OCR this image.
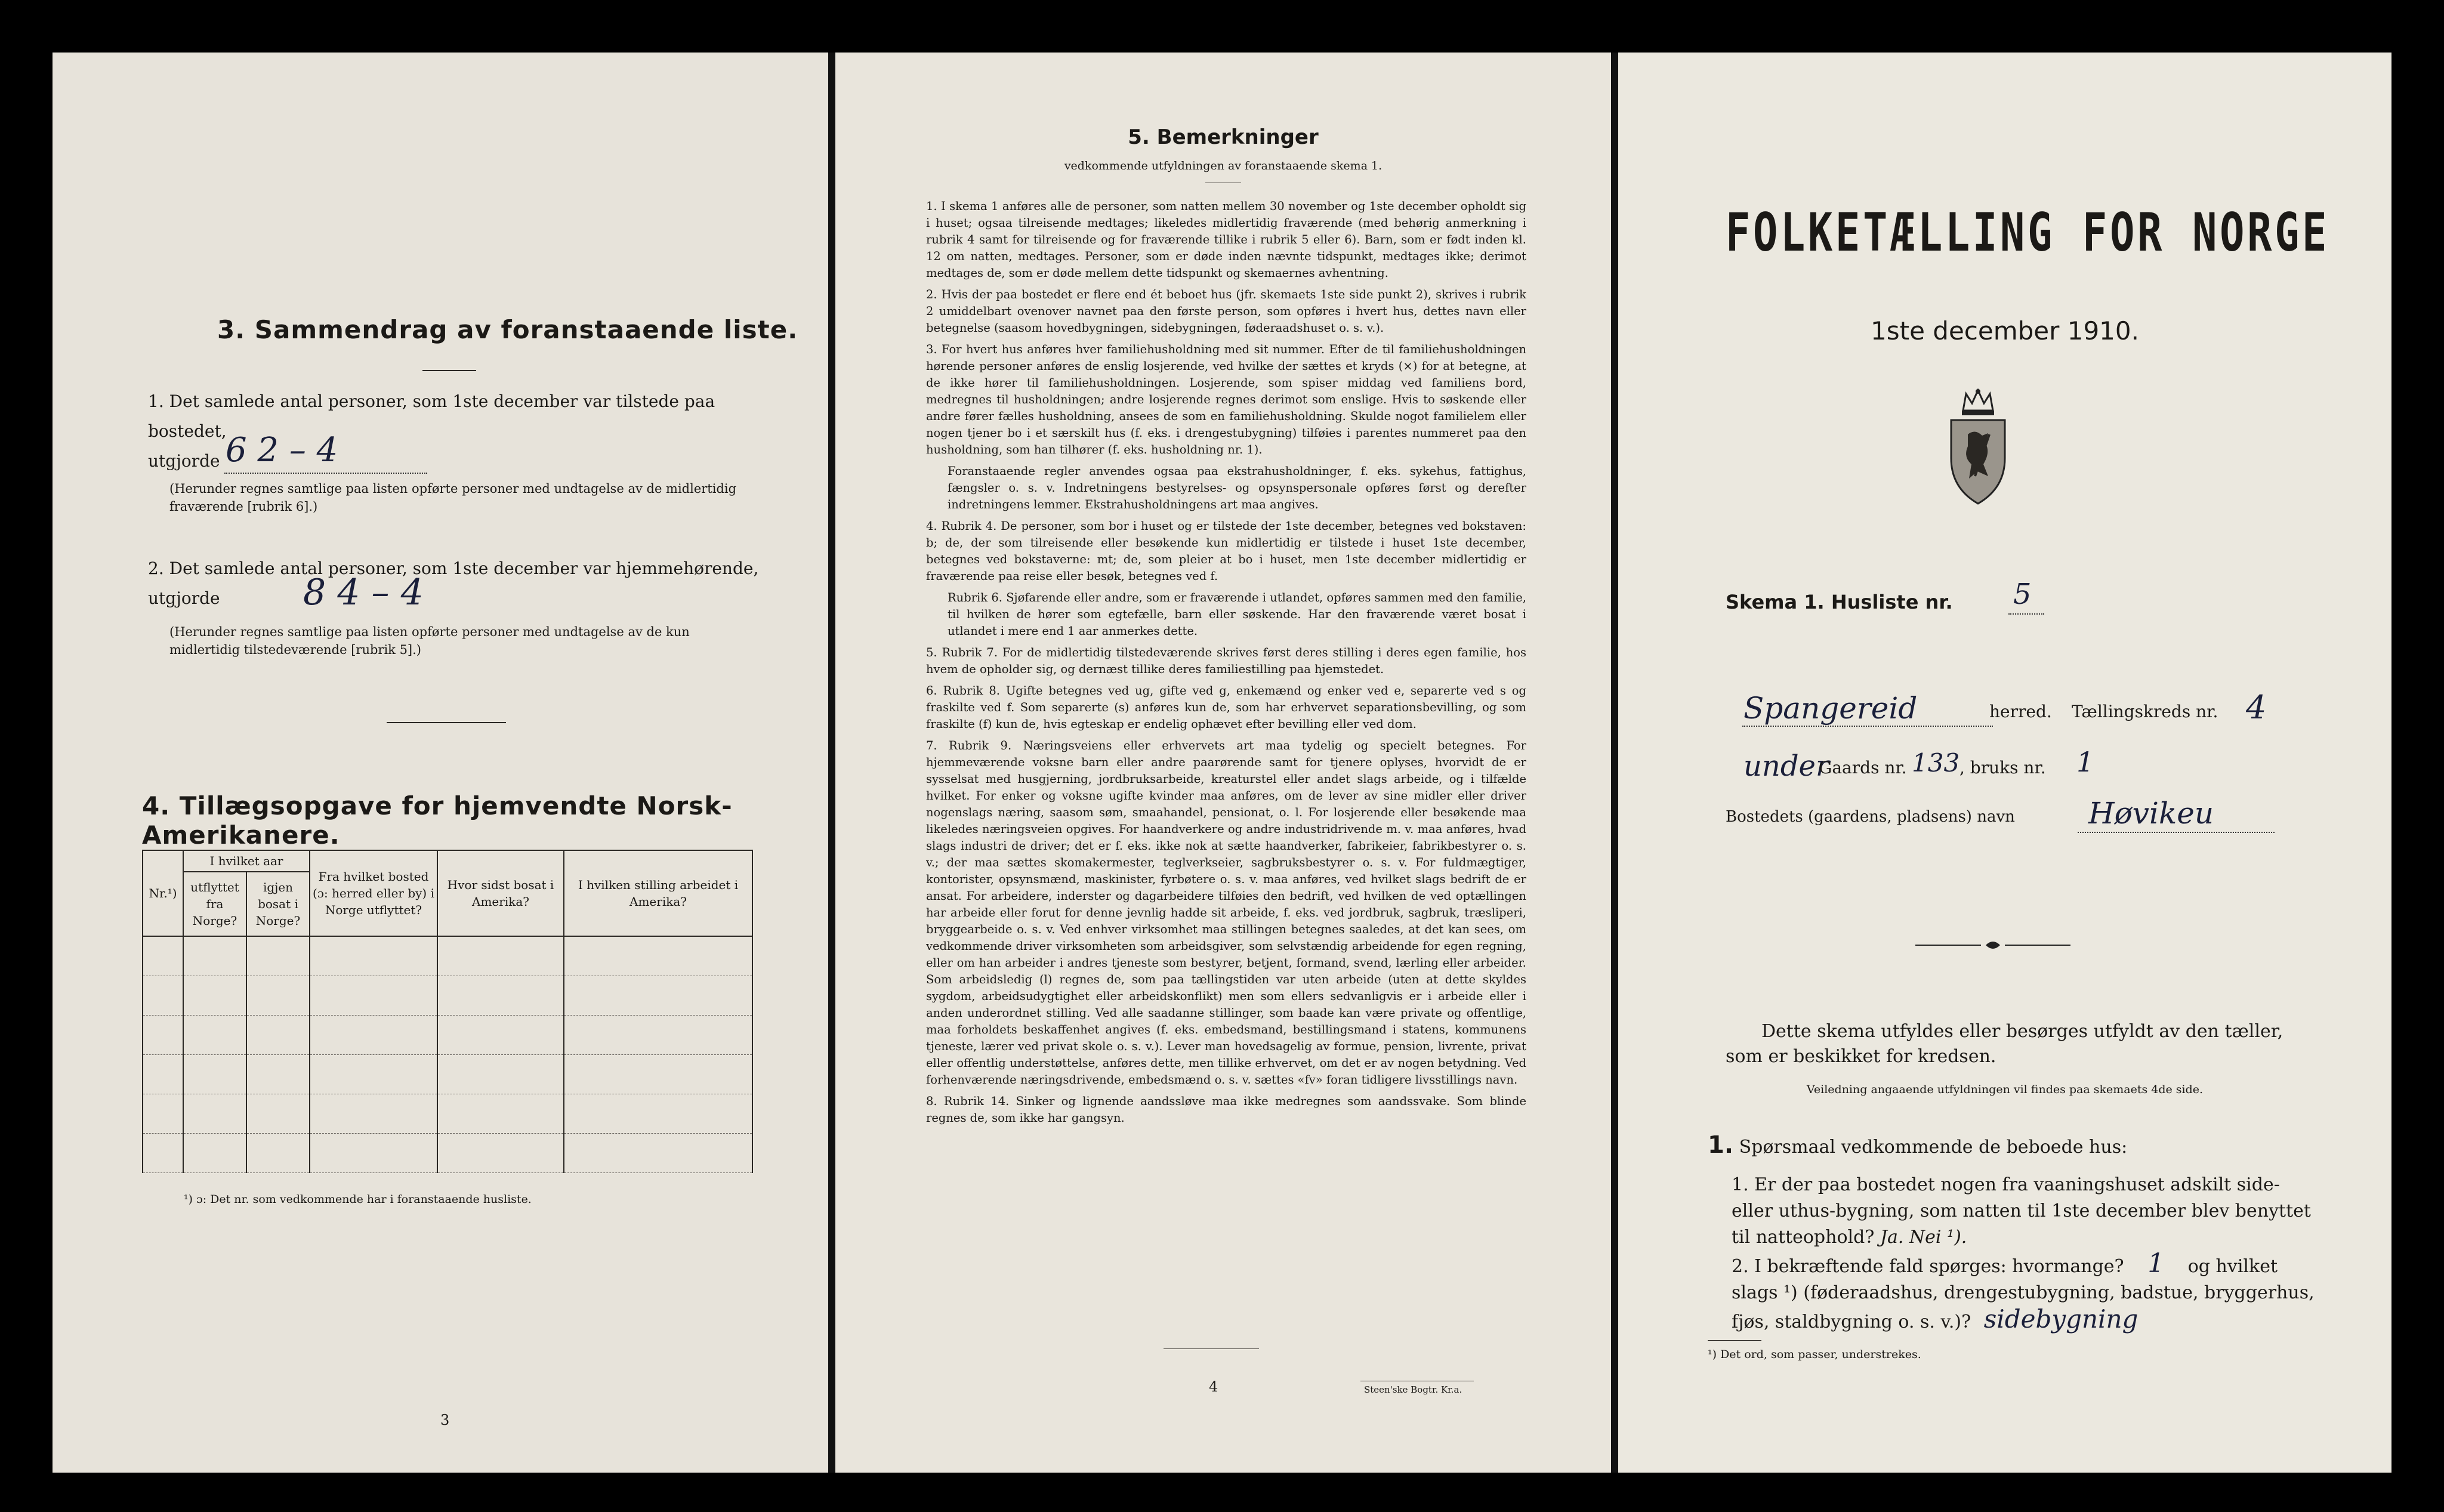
3. Sammendrag av foranstaaende liste.
1. Det samlede antal personer, som 1ste december var tilstede paa bostedet,
utgjorde 6 2 – 4
(Herunder regnes samtlige paa listen opførte personer med undtagelse av de midlertidig fraværende [rubrik 6].)
2. Det samlede antal personer, som 1ste december var hjemmehørende, utgjorde 8 4 – 4
(Herunder regnes samtlige paa listen opførte personer med undtagelse av de kun midlertidig tilstedeværende [rubrik 5].)
4. Tillægsopgave for hjemvendte Norsk-Amerikanere.
Nr.¹)	I hvilket aar		Fra hvilket bosted (ɔ: herred eller by) i Norge utflyttet?	Hvor sidst bosat i Amerika?	I hvilken stilling arbeidet i Amerika?
	utflyttet fra Norge?	igjen bosat i Norge?			

¹) ɔ: Det nr. som vedkommende har i foranstaaende husliste.
3
5. Bemerkninger
vedkommende utfyldningen av foranstaaende skema 1.
1. I skema 1 anføres alle de personer, som natten mellem 30 november og 1ste december opholdt sig i huset; ogsaa tilreisende medtages; likeledes midlertidig fraværende (med behørig anmerkning i rubrik 4 samt for tilreisende og for fraværende tillike i rubrik 5 eller 6). Barn, som er født inden kl. 12 om natten, medtages. Personer, som er døde inden nævnte tidspunkt, medtages ikke; derimot medtages de, som er døde mellem dette tidspunkt og skemaernes avhentning.
2. Hvis der paa bostedet er flere end ét beboet hus (jfr. skemaets 1ste side punkt 2), skrives i rubrik 2 umiddelbart ovenover navnet paa den første person, som opføres i hvert hus, dettes navn eller betegnelse (saasom hovedbygningen, sidebygningen, føderaadshuset o. s. v.).
3. For hvert hus anføres hver familiehusholdning med sit nummer. Efter de til familiehusholdningen hørende personer anføres de enslig losjerende, ved hvilke der sættes et kryds (×) for at betegne, at de ikke hører til familiehusholdningen. Losjerende, som spiser middag ved familiens bord, medregnes til husholdningen; andre losjerende regnes derimot som enslige. Hvis to søskende eller andre fører fælles husholdning, ansees de som en familiehusholdning. Skulde nogot familielem eller nogen tjener bo i et særskilt hus (f. eks. i drengestubygning) tilføies i parentes nummeret paa den husholdning, som han tilhører (f. eks. husholdning nr. 1).
Foranstaaende regler anvendes ogsaa paa ekstrahusholdninger, f. eks. sykehus, fattighus, fængsler o. s. v. Indretningens bestyrelses- og opsynspersonale opføres først og derefter indretningens lemmer. Ekstrahusholdningens art maa angives.
4. Rubrik 4. De personer, som bor i huset og er tilstede der 1ste december, betegnes ved bokstaven: b; de, der som tilreisende eller besøkende kun midlertidig er tilstede i huset 1ste december, betegnes ved bokstaverne: mt; de, som pleier at bo i huset, men 1ste december midlertidig er fraværende paa reise eller besøk, betegnes ved f.
Rubrik 6. Sjøfarende eller andre, som er fraværende i utlandet, opføres sammen med den familie, til hvilken de hører som egtefælle, barn eller søskende. Har den fraværende været bosat i utlandet i mere end 1 aar anmerkes dette.
5. Rubrik 7. For de midlertidig tilstedeværende skrives først deres stilling i deres egen familie, hos hvem de opholder sig, og dernæst tillike deres familiestilling paa hjemstedet.
6. Rubrik 8. Ugifte betegnes ved ug, gifte ved g, enkemænd og enker ved e, separerte ved s og fraskilte ved f. Som separerte (s) anføres kun de, som har erhvervet separationsbevilling, og som fraskilte (f) kun de, hvis egteskap er endelig ophævet efter bevilling eller ved dom.
7. Rubrik 9. Næringsveiens eller erhvervets art maa tydelig og specielt betegnes. For hjemmeværende voksne barn eller andre paarørende samt for tjenere oplyses, hvorvidt de er sysselsat med husgjerning, jordbruksarbeide, kreaturstel eller andet slags arbeide, og i tilfælde hvilket. For enker og voksne ugifte kvinder maa anføres, om de lever av sine midler eller driver nogenslags næring, saasom søm, smaahandel, pensionat, o. l. For losjerende eller besøkende maa likeledes næringsveien opgives. For haandverkere og andre industridrivende m. v. maa anføres, hvad slags industri de driver; det er f. eks. ikke nok at sætte haandverker, fabrikeier, fabrikbestyrer o. s. v.; der maa sættes skomakermester, teglverkseier, sagbruksbestyrer o. s. v. For fuldmægtiger, kontorister, opsynsmænd, maskinister, fyrbøtere o. s. v. maa anføres, ved hvilket slags bedrift de er ansat. For arbeidere, inderster og dagarbeidere tilføies den bedrift, ved hvilken de ved optællingen har arbeide eller forut for denne jevnlig hadde sit arbeide, f. eks. ved jordbruk, sagbruk, træsliperi, bryggearbeide o. s. v. Ved enhver virksomhet maa stillingen betegnes saaledes, at det kan sees, om vedkommende driver virksomheten som arbeidsgiver, som selvstændig arbeidende for egen regning, eller om han arbeider i andres tjeneste som bestyrer, betjent, formand, svend, lærling eller arbeider. Som arbeidsledig (l) regnes de, som paa tællingstiden var uten arbeide (uten at dette skyldes sygdom, arbeidsudygtighet eller arbeidskonflikt) men som ellers sedvanligvis er i arbeide eller i anden underordnet stilling. Ved alle saadanne stillinger, som baade kan være private og offentlige, maa forholdets beskaffenhet angives (f. eks. embedsmand, bestillingsmand i statens, kommunens tjeneste, lærer ved privat skole o. s. v.). Lever man hovedsagelig av formue, pension, livrente, privat eller offentlig understøttelse, anføres dette, men tillike erhvervet, om det er av nogen betydning. Ved forhenværende næringsdrivende, embedsmænd o. s. v. sættes «fv» foran tidligere livsstillings navn.
8. Rubrik 14. Sinker og lignende aandssløve maa ikke medregnes som aandssvake. Som blinde regnes de, som ikke har gangsyn.
4	Steen'ske Bogtr. Kr.a.
FOLKETÆLLING FOR NORGE
1ste december 1910.
Skema 1. Husliste nr. 5
Spangereid	herred. Tællingskreds nr. 4
under
Gaards nr. 133 , bruks nr. 1
Bostedets (gaardens, pladsens) navn Høvikeu
Dette skema utfyldes eller besørges utfyldt av den tæller, som er beskikket for kredsen.
Veiledning angaaende utfyldningen vil findes paa skemaets 4de side.
1. Spørsmaal vedkommende de beboede hus:
1. Er der paa bostedet nogen fra vaaningshuset adskilt side- eller uthus-bygning, som natten til 1ste december blev benyttet til natteophold? Ja. Nei ¹).
2. I bekræftende fald spørges: hvormange? 1 og hvilket slags ¹) (føderaadshus, drengestubygning, badstue, bryggerhus, fjøs, staldbygning o. s. v.)? sidebygning
¹) Det ord, som passer, understrekes.
